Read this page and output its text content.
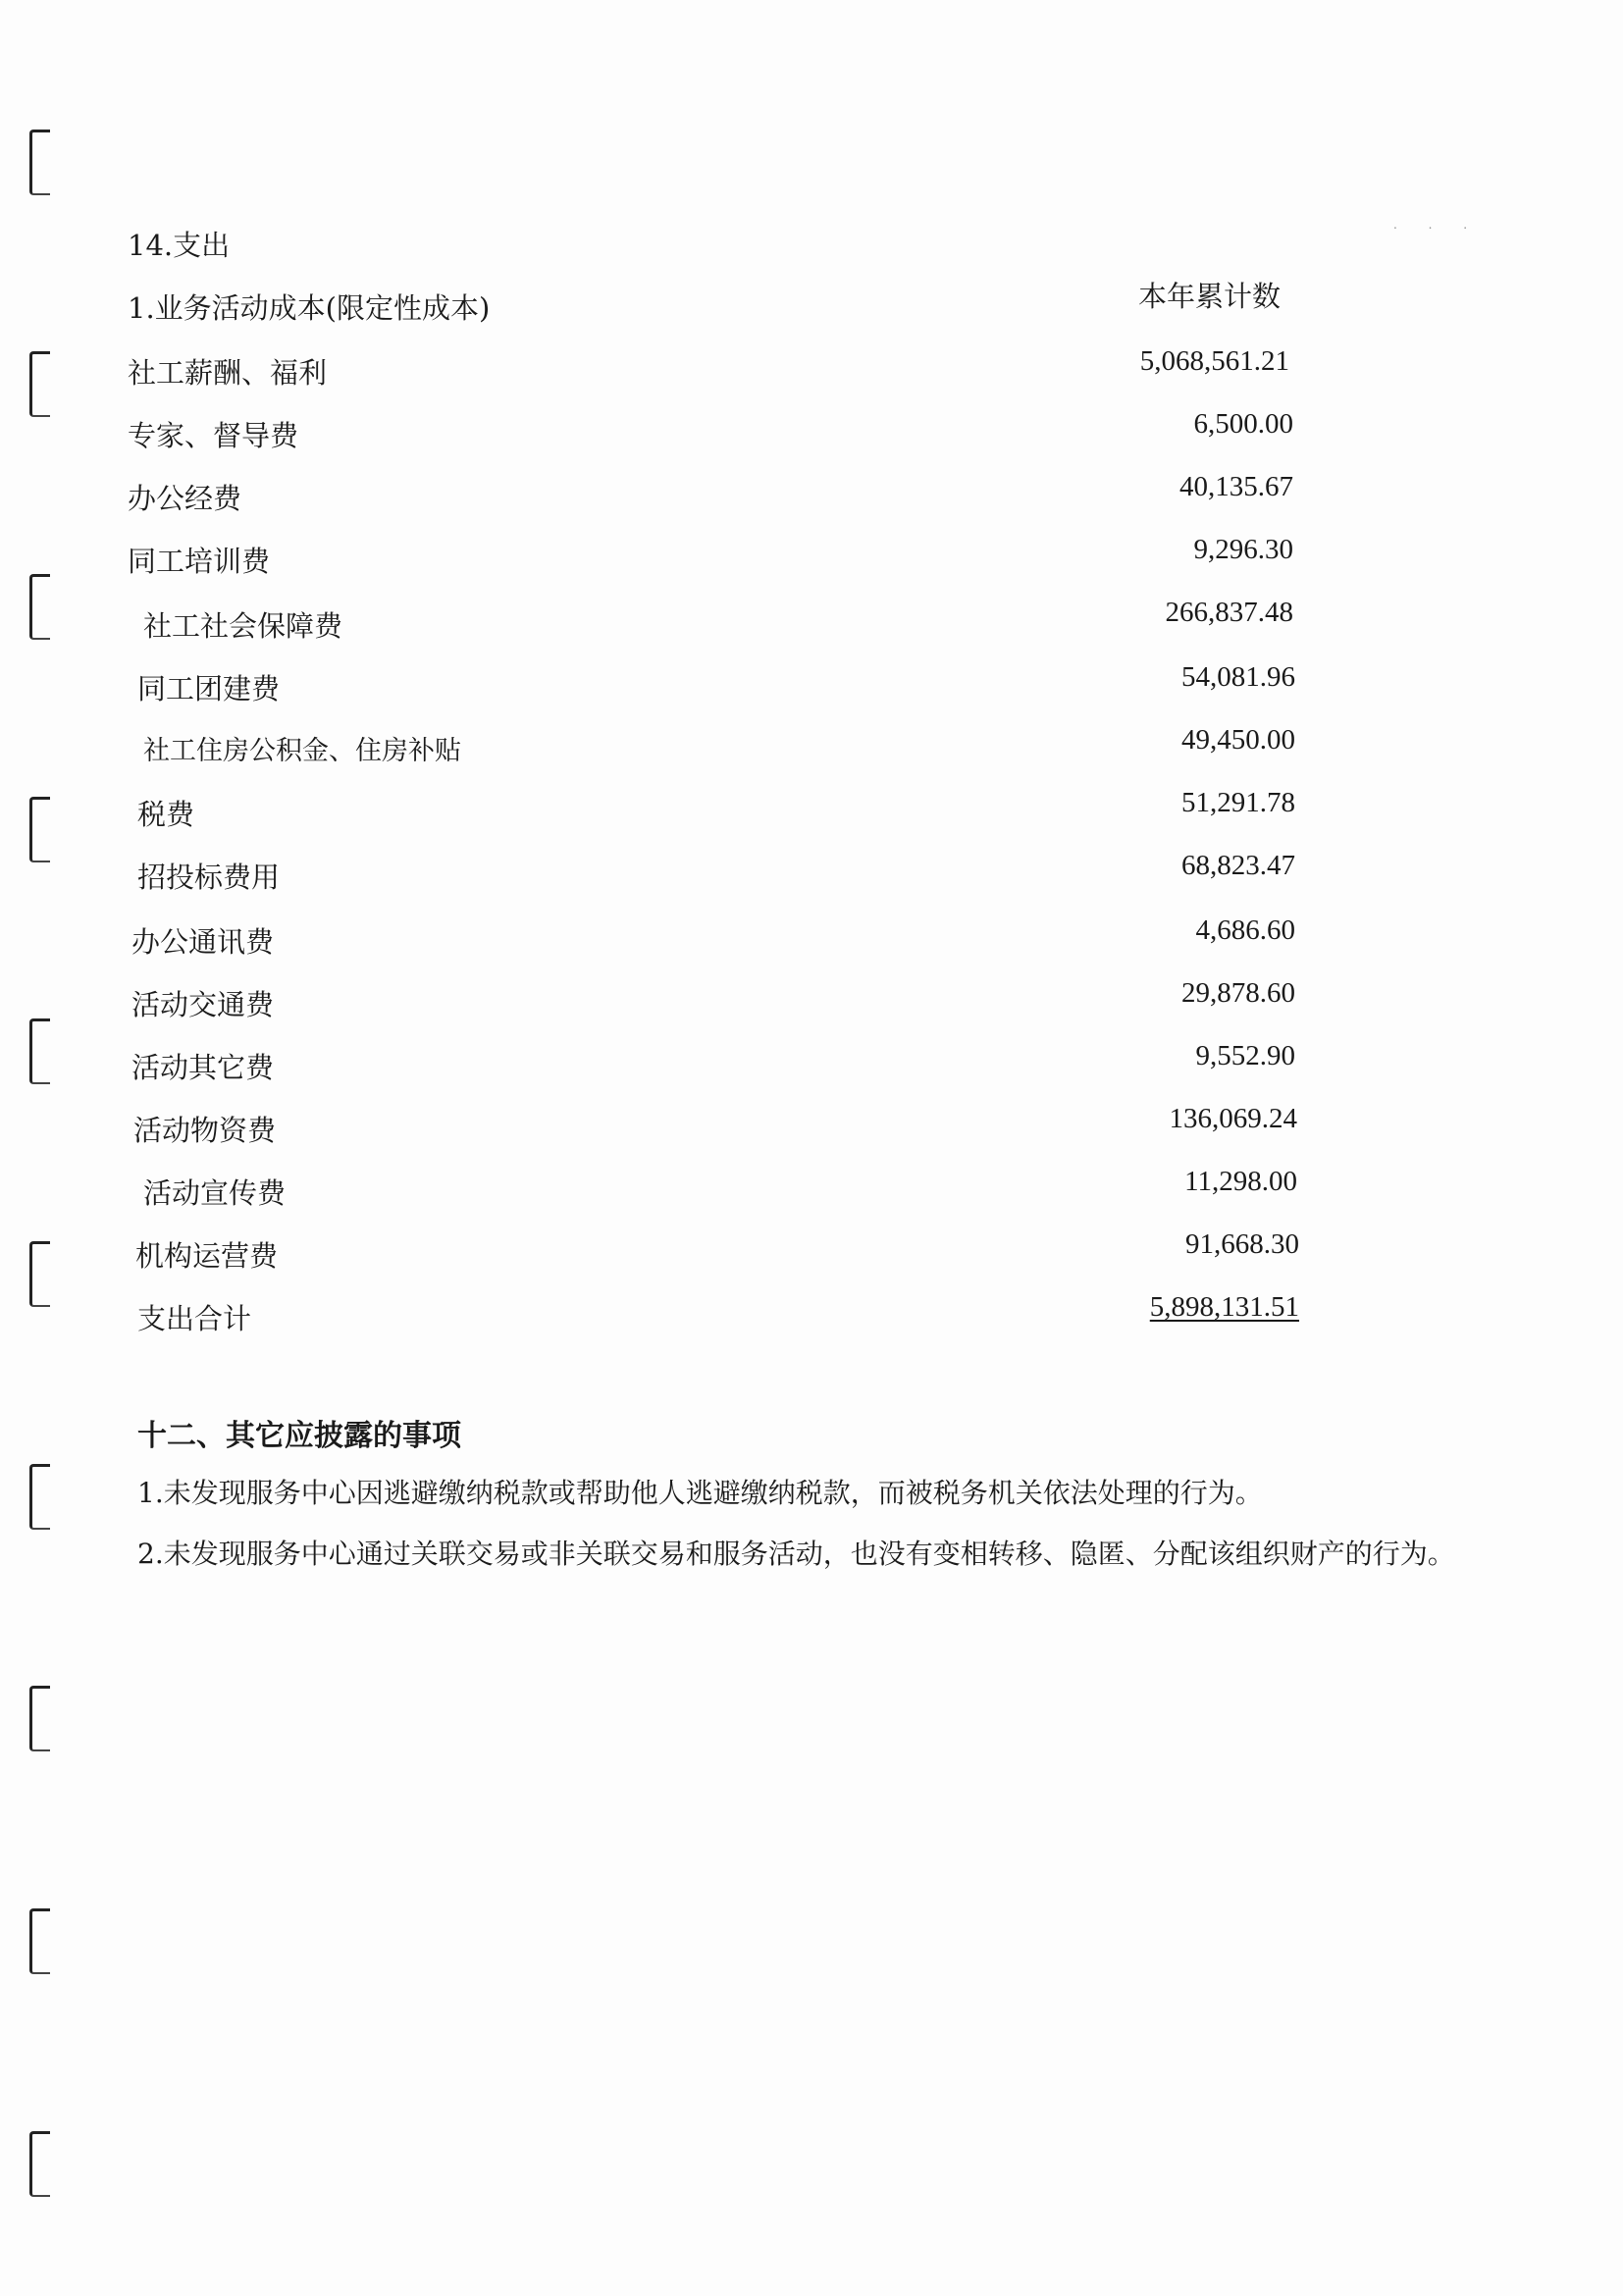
. . .
14.支出
1.业务活动成本(限定性成本)	本年累计数
社工薪酬、福利	5,068,561.21
专家、督导费	6,500.00
办公经费	40,135.67
同工培训费	9,296.30
社工社会保障费	266,837.48
同工团建费	54,081.96
社工住房公积金、住房补贴	49,450.00
税费	51,291.78
招投标费用	68,823.47
办公通讯费	4,686.60
活动交通费	29,878.60
活动其它费	9,552.90
活动物资费	136,069.24
活动宣传费	11,298.00
机构运营费	91,668.30
支出合计	5,898,131.51
十二、其它应披露的事项
1.未发现服务中心因逃避缴纳税款或帮助他人逃避缴纳税款，而被税务机关依法处理的行为。
2.未发现服务中心通过关联交易或非关联交易和服务活动，也没有变相转移、隐匿、分配该组织财产的行为。
